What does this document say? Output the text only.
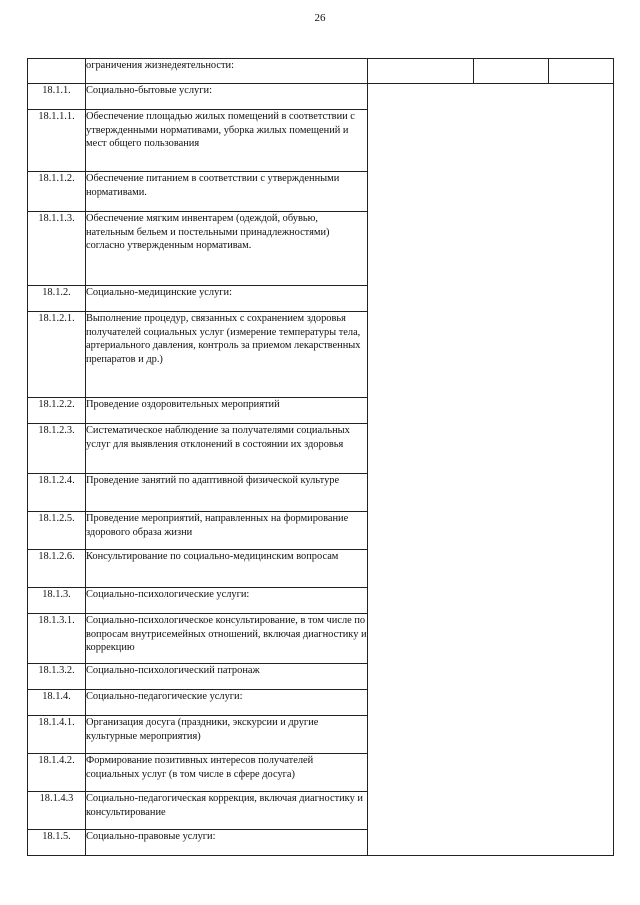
26
	ограничения жизнедеятельности:			
18.1.1.	Социально-бытовые услуги:			
18.1.1.1.	Обеспечение площадью жилых помещений в соответствии с утвержденными нормативами, уборка жилых помещений и мест общего пользования			
18.1.1.2.	Обеспечение питанием в соответствии с утвержденными нормативами.			
18.1.1.3.	Обеспечение мягким инвентарем (одеждой, обувью, нательным бельем и постельными принадлежностями) согласно утвержденным нормативам.			
18.1.2.	Социально-медицинские услуги:			
18.1.2.1.	Выполнение процедур, связанных с сохранением здоровья получателей социальных услуг (измерение температуры тела, артериального давления, контроль за приемом лекарственных препаратов и др.)			
18.1.2.2.	Проведение оздоровительных мероприятий			
18.1.2.3.	Систематическое наблюдение за получателями социальных услуг для выявления отклонений в состоянии их здоровья			
18.1.2.4.	Проведение занятий по адаптивной физической культуре			
18.1.2.5.	Проведение мероприятий, направленных на формирование здорового образа жизни			
18.1.2.6.	Консультирование по социально-медицинским вопросам			
18.1.3.	Социально-психологические услуги:			
18.1.3.1.	Социально-психологическое консультирование, в том числе по вопросам внутрисемейных отношений, включая диагностику и коррекцию			
18.1.3.2.	Социально-психологический патронаж			
18.1.4.	Социально-педагогические услуги:			
18.1.4.1.	Организация досуга (праздники, экскурсии и другие культурные мероприятия)			
18.1.4.2.	Формирование позитивных интересов получателей социальных услуг (в том числе в сфере досуга)			
18.1.4.3	Социально-педагогическая коррекция, включая диагностику и консультирование			
18.1.5.	Социально-правовые услуги:			
